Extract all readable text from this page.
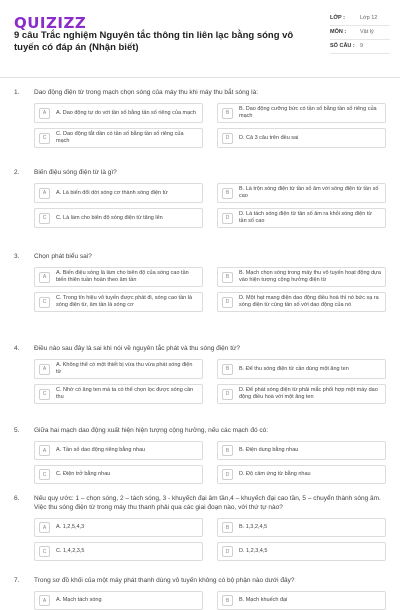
QUIZIZZ
9 câu Trắc nghiệm Nguyên tắc thông tin liên lạc bằng sóng vô tuyến có đáp án (Nhận biết)
LỚP :	Lớp 12
MÔN :	Vật lý
SỐ CÂU : 9
1.	Dao động điện từ trong mạch chọn sóng của máy thu khi máy thu bắt sóng là:
A	A. Dao động tự do với tần số bằng tần số riêng của mạch	B
B. Dao động cưỡng bức có tần số bằng tần số riêng của mạch
C
C. Dao động tắt dần có tần số bằng tần số riêng của mạch	D	D. Cả 3 câu trên đều sai
2.	Biến điệu sóng điện từ là gì?
A	A. Là biến đổi dời sóng cơ thành sóng điện từ	B
B. Là trộn sóng điện từ tần số âm với sóng điện từ tần số cao
C	C. Là làm cho biên độ sóng điện từ tăng lên	D
D. Là tách sóng điện từ tần số âm ra khỏi sóng điện từ tần số cao
3.	Chọn phát biểu sai?
A
A. Biến điệu sóng là làm cho biên độ của sóng cao tần biến thiên tuần hoàn theo âm tần	B
B. Mạch chọn sóng trong máy thu vô tuyến hoạt động dựa vào hiện tượng cộng hưởng điện từ
C
C. Trong tín hiệu vô tuyến được phát đi, sóng cao tần là sóng điện từ, âm tần là sóng cơ	D
D. Một hạt mang điện dao động điều hoà thì nó bức xạ ra sóng điện từ cùng tần số với dao động của nó
4.	Điều nào sau đây là sai khi nói về nguyên tắc phát và thu sóng điện từ?
A
A. Không thể có một thiết bị vừa thu vừa phát sóng điện từ	B	B. Để thu sóng điện từ cần dùng một ăng ten
C
C. Nhờ có ăng ten mà ta có thể chọn lọc được sóng cần thu	D
D. Để phát sóng điện từ phải mắc phối hợp một máy dao động điều hoà với một ăng ten
5.	Giữa hai mạch dao động xuất hiện hiện tượng cộng hưởng, nếu các mạch đó có:
A	A. Tần số dao động riêng bằng nhau	B	B. Điện dung bằng nhau
C	C. Điện trở bằng nhau	D	D. Độ cảm ứng từ bằng nhau
6.	Nếu quy ước: 1 – chọn sóng, 2 – tách sóng, 3 - khuyếch đại âm tần,4 – khuyếch đại cao tần, 5 – chuyển thành sóng âm. Việc thu sóng điện từ trong máy thu thanh phải qua các giai đoạn nào, với thứ tự nào?
A	A. 1,2,5,4,3	B	B. 1,3,2,4,5
C	C. 1,4,2,3,5	D	D. 1,2,3,4,5
7.	Trong sơ đồ khối của một máy phát thanh dùng vô tuyến không có bộ phận nào dưới đây?
A	A. Mạch tách sóng	B	B. Mạch khuếch đại
